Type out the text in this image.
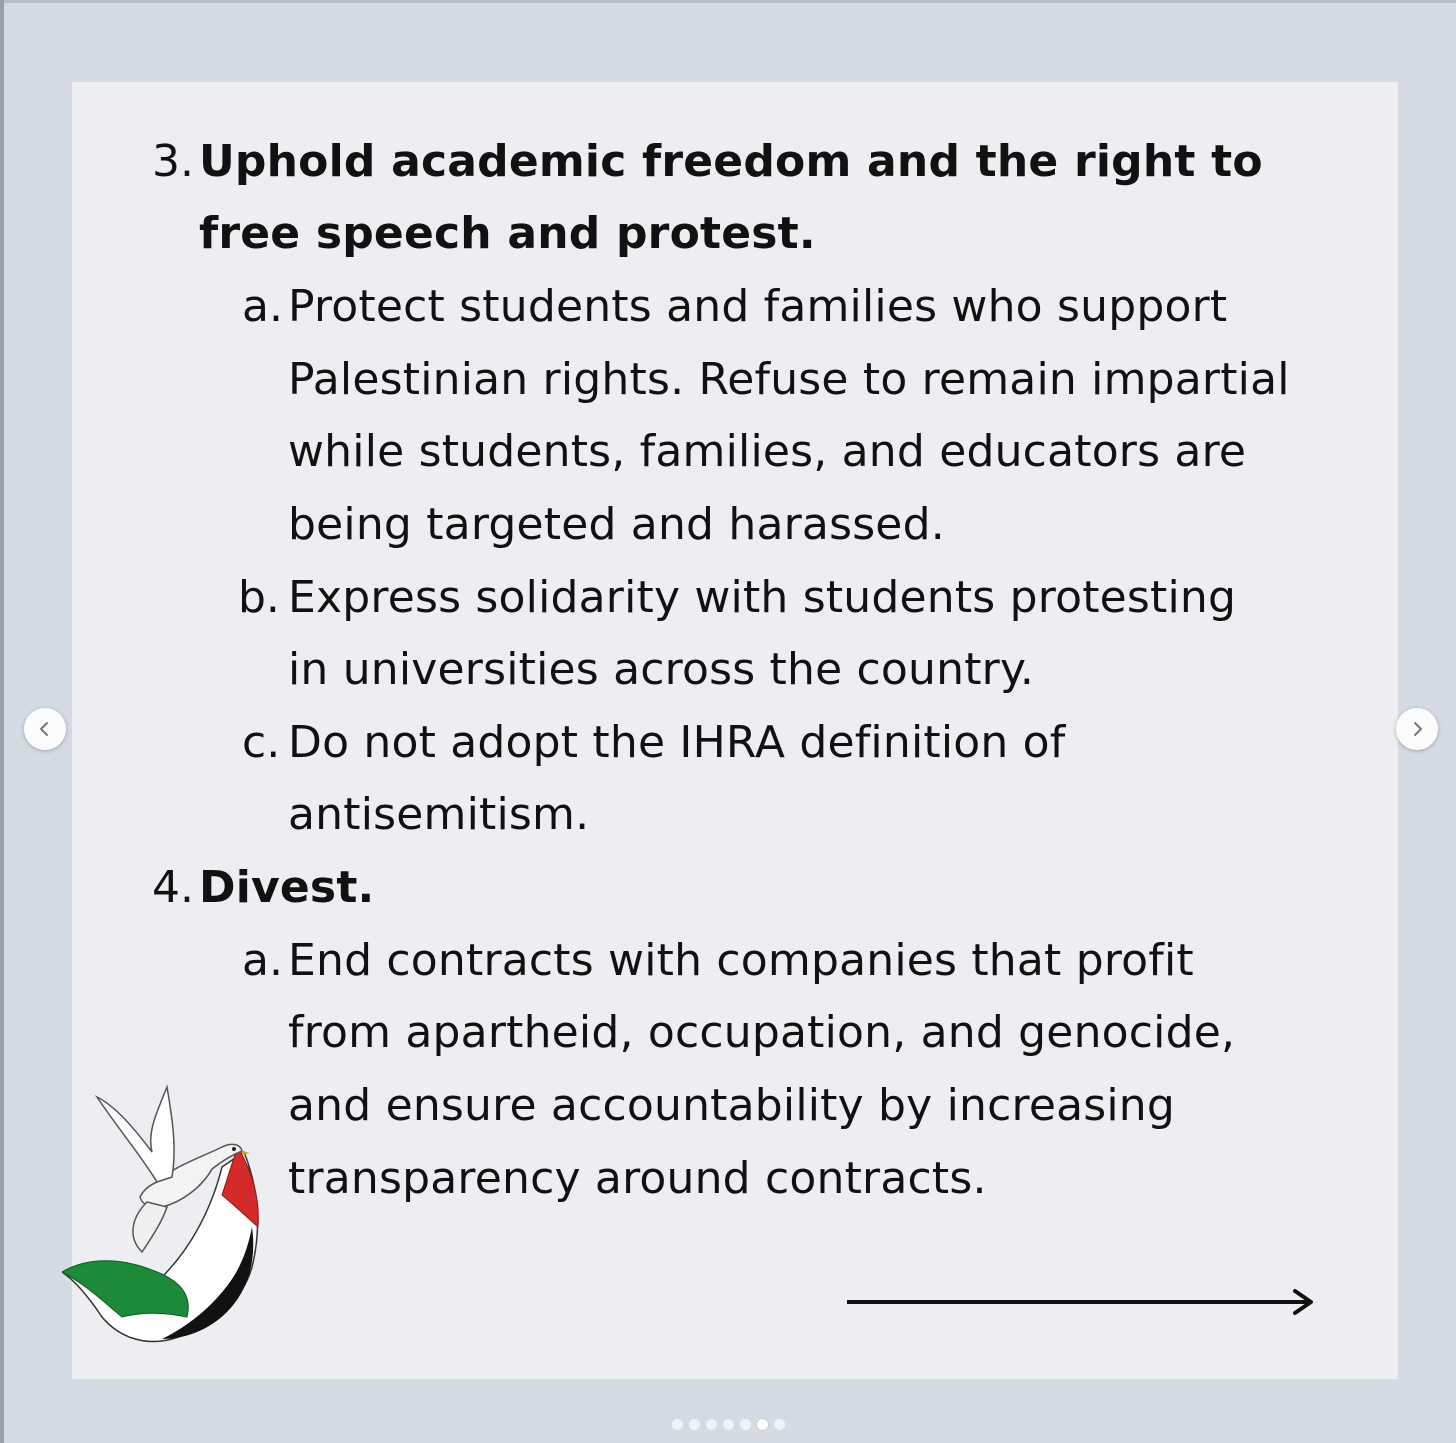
3. Uphold academic freedom and the right to
free speech and protest.
a. Protect students and families who support
Palestinian rights. Refuse to remain impartial
while students, families, and educators are
being targeted and harassed.
b. Express solidarity with students protesting
in universities across the country.
c. Do not adopt the IHRA definition of
antisemitism.
4. Divest.
a. End contracts with companies that profit
from apartheid, occupation, and genocide,
and ensure accountability by increasing
transparency around contracts.
